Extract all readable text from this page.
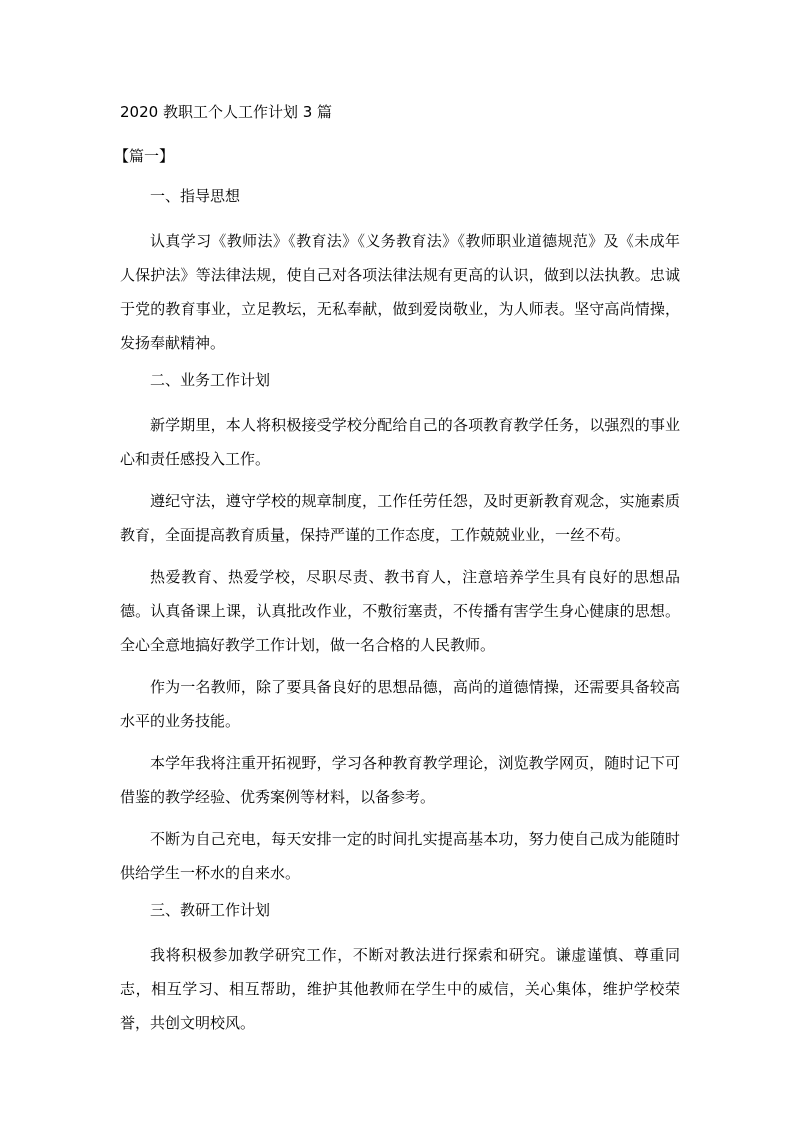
2020 教职工个人工作计划 3 篇
【篇一】
一、指导思想

认真学习《教师法》《教育法》《义务教育法》《教师职业道德规范》及《未成年人保护法》等法律法规，使自己对各项法律法规有更高的认识，做到以法执教。忠诚于党的教育事业，立足教坛，无私奉献，做到爱岗敬业，为人师表。坚守高尚情操，发扬奉献精神。

二、业务工作计划

新学期里，本人将积极接受学校分配给自己的各项教育教学任务，以强烈的事业心和责任感投入工作。

遵纪守法，遵守学校的规章制度，工作任劳任怨，及时更新教育观念，实施素质教育，全面提高教育质量，保持严谨的工作态度，工作兢兢业业，一丝不苟。

热爱教育、热爱学校，尽职尽责、教书育人，注意培养学生具有良好的思想品德。认真备课上课，认真批改作业，不敷衍塞责，不传播有害学生身心健康的思想。全心全意地搞好教学工作计划，做一名合格的人民教师。

作为一名教师，除了要具备良好的思想品德，高尚的道德情操，还需要具备较高水平的业务技能。

本学年我将注重开拓视野，学习各种教育教学理论，浏览教学网页，随时记下可借鉴的教学经验、优秀案例等材料，以备参考。

不断为自己充电，每天安排一定的时间扎实提高基本功，努力使自己成为能随时供给学生一杯水的自来水。

三、教研工作计划

我将积极参加教学研究工作，不断对教法进行探索和研究。谦虚谨慎、尊重同志，相互学习、相互帮助，维护其他教师在学生中的威信，关心集体，维护学校荣誉，共创文明校风。
